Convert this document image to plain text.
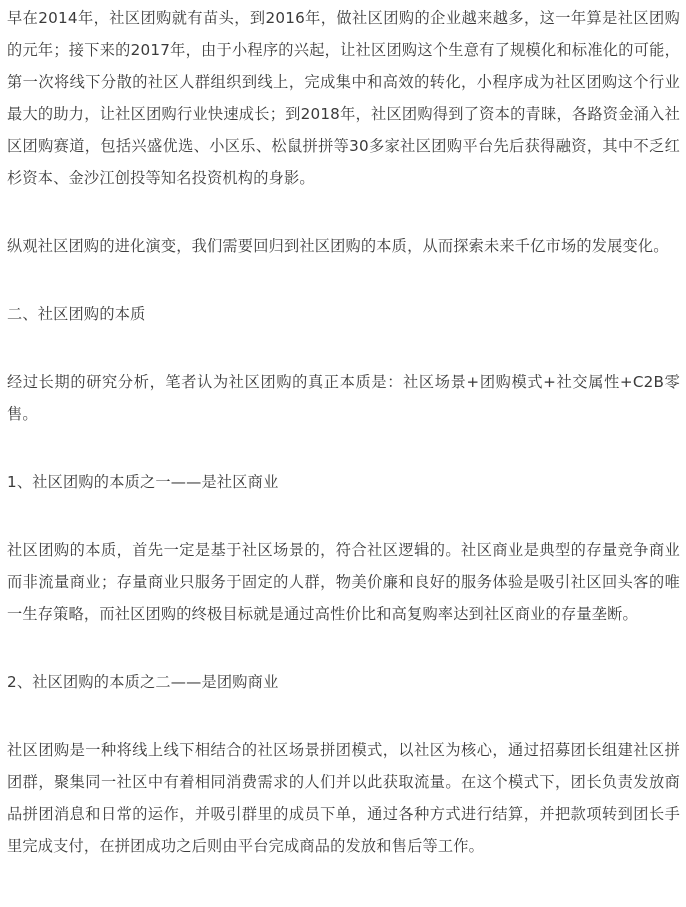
早在2014年，社区团购就有苗头，到2016年，做社区团购的企业越来越多，这一年算是社区团购的元年；接下来的2017年，由于小程序的兴起，让社区团购这个生意有了规模化和标准化的可能，第一次将线下分散的社区人群组织到线上，完成集中和高效的转化，小程序成为社区团购这个行业最大的助力，让社区团购行业快速成长；到2018年，社区团购得到了资本的青睐，各路资金涌入社区团购赛道，包括兴盛优选、小区乐、松鼠拼拼等30多家社区团购平台先后获得融资，其中不乏红杉资本、金沙江创投等知名投资机构的身影。

纵观社区团购的进化演变，我们需要回归到社区团购的本质，从而探索未来千亿市场的发展变化。

二、社区团购的本质

经过长期的研究分析，笔者认为社区团购的真正本质是：社区场景+团购模式+社交属性+C2B零售。

1、社区团购的本质之一——是社区商业

社区团购的本质，首先一定是基于社区场景的，符合社区逻辑的。社区商业是典型的存量竞争商业而非流量商业；存量商业只服务于固定的人群，物美价廉和良好的服务体验是吸引社区回头客的唯一生存策略，而社区团购的终极目标就是通过高性价比和高复购率达到社区商业的存量垄断。

2、社区团购的本质之二——是团购商业

社区团购是一种将线上线下相结合的社区场景拼团模式，以社区为核心，通过招募团长组建社区拼团群，聚集同一社区中有着相同消费需求的人们并以此获取流量。在这个模式下，团长负责发放商品拼团消息和日常的运作，并吸引群里的成员下单，通过各种方式进行结算，并把款项转到团长手里完成支付，在拼团成功之后则由平台完成商品的发放和售后等工作。
